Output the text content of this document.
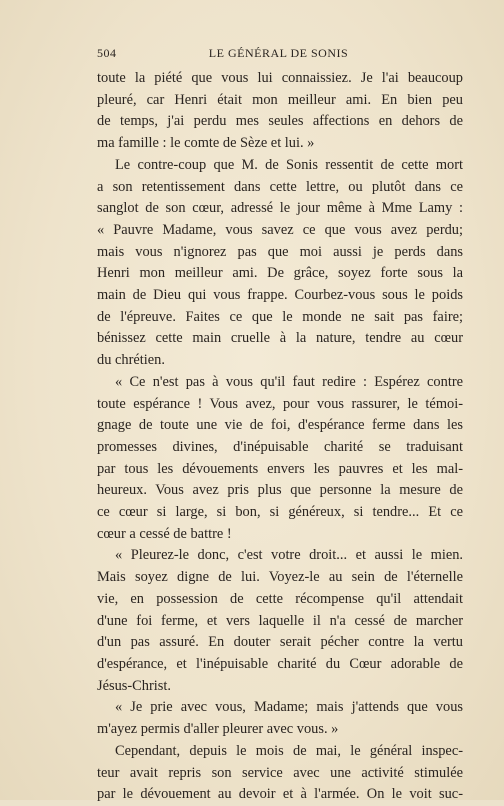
504	LE GÉNÉRAL DE SONIS

toute la piété que vous lui connaissiez. Je l'ai beaucoup
pleuré, car Henri était mon meilleur ami. En bien peu
de temps, j'ai perdu mes seules affections en dehors de
ma famille : le comte de Sèze et lui. »

Le contre-coup que M. de Sonis ressentit de cette mort
a son retentissement dans cette lettre, ou plutôt dans ce
sanglot de son cœur, adressé le jour même à Mme Lamy :
« Pauvre Madame, vous savez ce que vous avez perdu;
mais vous n'ignorez pas que moi aussi je perds dans
Henri mon meilleur ami. De grâce, soyez forte sous la
main de Dieu qui vous frappe. Courbez-vous sous le poids
de l'épreuve. Faites ce que le monde ne sait pas faire;
bénissez cette main cruelle à la nature, tendre au cœur
du chrétien.

« Ce n'est pas à vous qu'il faut redire : Espérez contre
toute espérance ! Vous avez, pour vous rassurer, le témoi-
gnage de toute une vie de foi, d'espérance ferme dans les
promesses divines, d'inépuisable charité se traduisant
par tous les dévouements envers les pauvres et les mal-
heureux. Vous avez pris plus que personne la mesure de
ce cœur si large, si bon, si généreux, si tendre... Et ce
cœur a cessé de battre !

« Pleurez-le donc, c'est votre droit... et aussi le mien.
Mais soyez digne de lui. Voyez-le au sein de l'éternelle
vie, en possession de cette récompense qu'il attendait
d'une foi ferme, et vers laquelle il n'a cessé de marcher
d'un pas assuré. En douter serait pécher contre la vertu
d'espérance, et l'inépuisable charité du Cœur adorable de
Jésus-Christ.

« Je prie avec vous, Madame; mais j'attends que vous
m'ayez permis d'aller pleurer avec vous. »

Cependant, depuis le mois de mai, le général inspec-
teur avait repris son service avec une activité stimulée
par le dévouement au devoir et à l'armée. On le voit suc-
